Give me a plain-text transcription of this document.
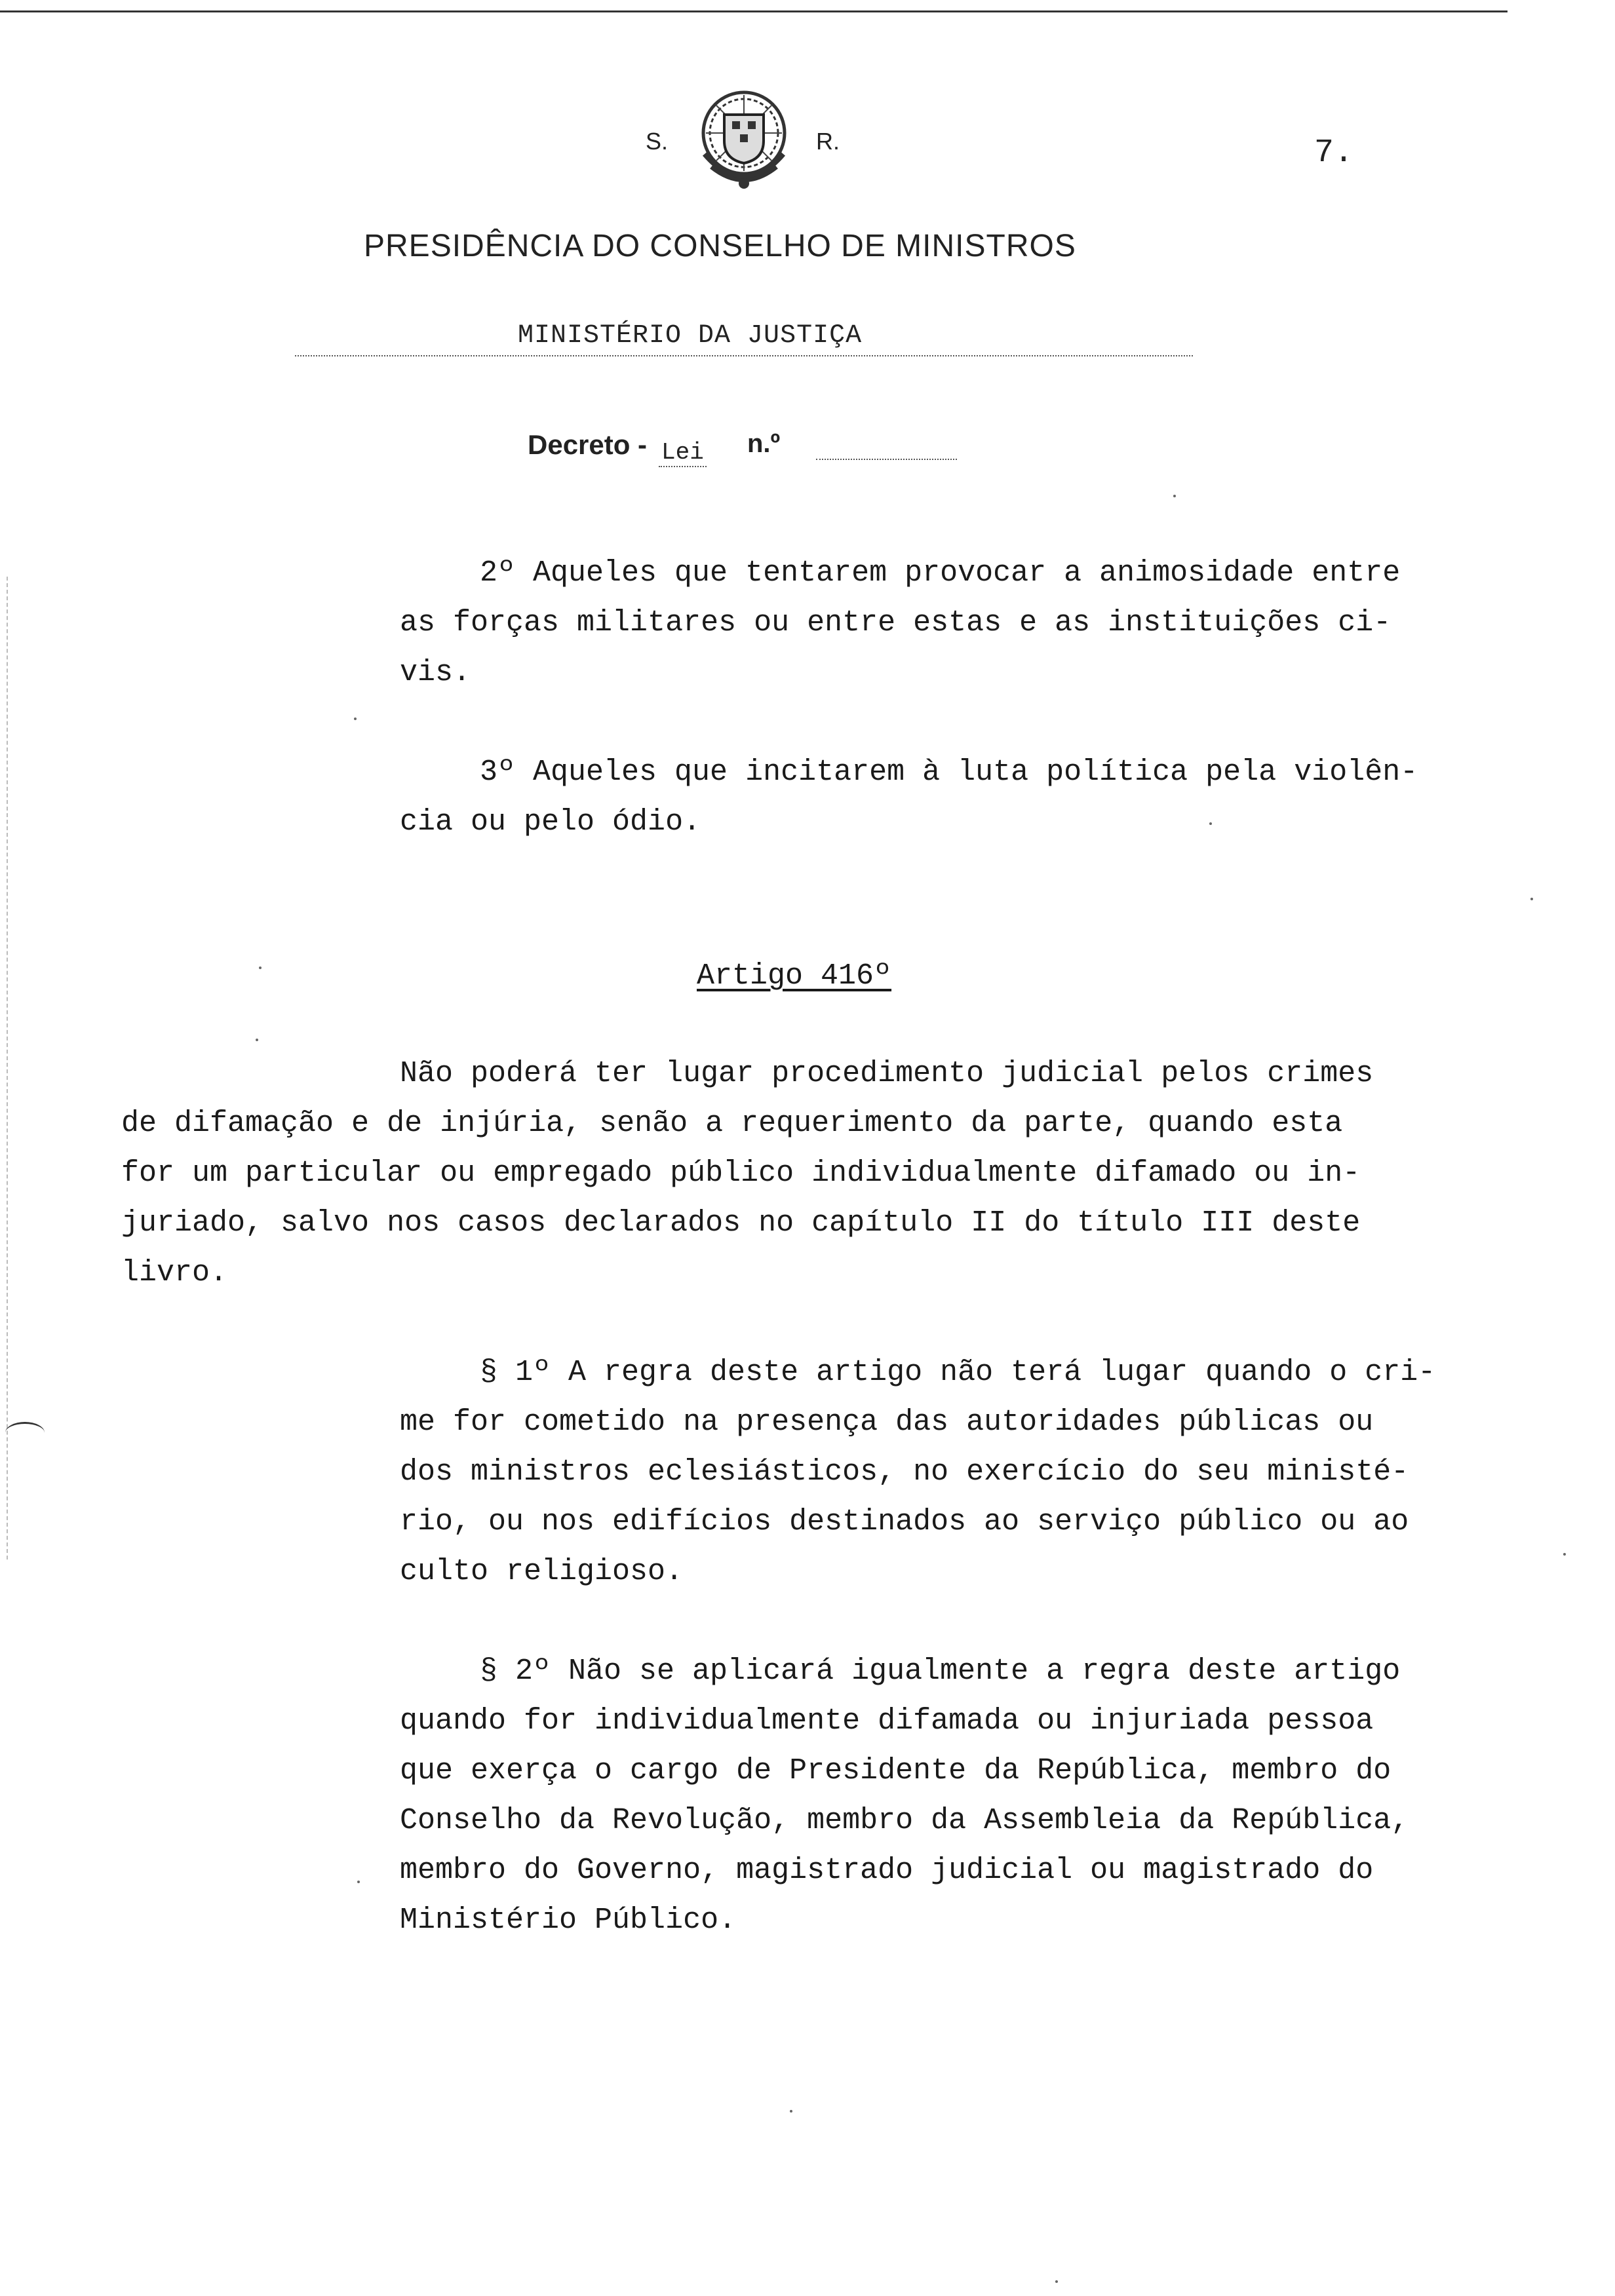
S.	R.	7.
PRESIDÊNCIA DO CONSELHO DE MINISTROS
MINISTÉRIO DA JUSTIÇA
Decreto - Lei n.º
2º Aqueles que tentarem provocar a animosidade entre
as forças militares ou entre estas e as instituições ci-
vis.
3º Aqueles que incitarem à luta política pela violên-
cia ou pelo ódio.
Artigo 416º
Não poderá ter lugar procedimento judicial pelos crimes
de difamação e de injúria, senão a requerimento da parte, quando esta
for um particular ou empregado público individualmente difamado ou in-
juriado, salvo nos casos declarados no capítulo II do título III deste
livro.
§ 1º A regra deste artigo não terá lugar quando o cri-
me for cometido na presença das autoridades públicas ou
dos ministros eclesiásticos, no exercício do seu ministé-
rio, ou nos edifícios destinados ao serviço público ou ao
culto religioso.
§ 2º Não se aplicará igualmente a regra deste artigo
quando for individualmente difamada ou injuriada pessoa
que exerça o cargo de Presidente da República, membro do
Conselho da Revolução, membro da Assembleia da República,
membro do Governo, magistrado judicial ou magistrado do
Ministério Público.
